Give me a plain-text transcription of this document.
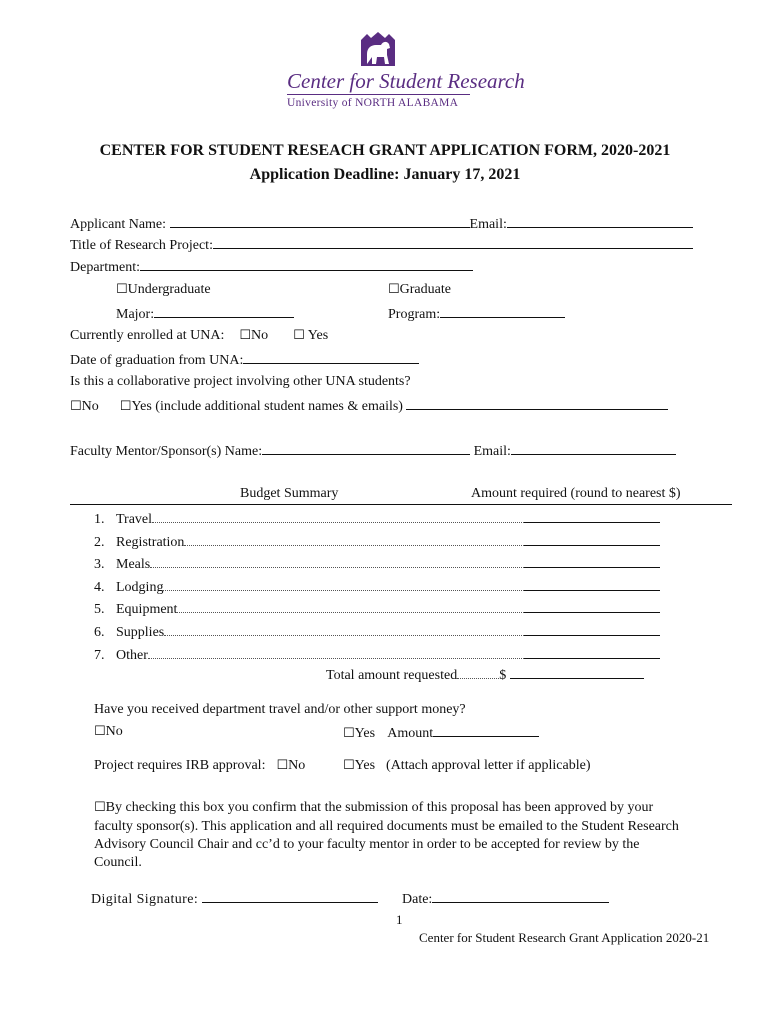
Center for Student Research
University of NORTH ALABAMA
CENTER FOR STUDENT RESEACH GRANT APPLICATION FORM, 2020-2021
Application Deadline: January 17, 2021
Applicant Name:	Email:
Title of Research Project:
Department:
☐Undergraduate	☐Graduate
Major:	Program:
Currently enrolled at UNA: ☐No ☐ Yes
Date of graduation from UNA:
Is this a collaborative project involving other UNA students?
☐No ☐Yes (include additional student names & emails)
Faculty Mentor/Sponsor(s) Name:	Email:
Budget Summary	Amount required (round to nearest $)
1. Travel
2. Registration
3. Meals
4. Lodging
5. Equipment
6. Supplies
7. Other
Total amount requested	$
Have you received department travel and/or other support money?
☐No	☐Yes Amount
Project requires IRB approval: ☐No	☐Yes (Attach approval letter if applicable)
☐By checking this box you confirm that the submission of this proposal has been approved by your
faculty sponsor(s). This application and all required documents must be emailed to the Student Research
Advisory Council Chair and cc’d to your faculty mentor in order to be accepted for review by the
Council.
Digital Signature:	Date:
1
Center for Student Research Grant Application 2020-21
